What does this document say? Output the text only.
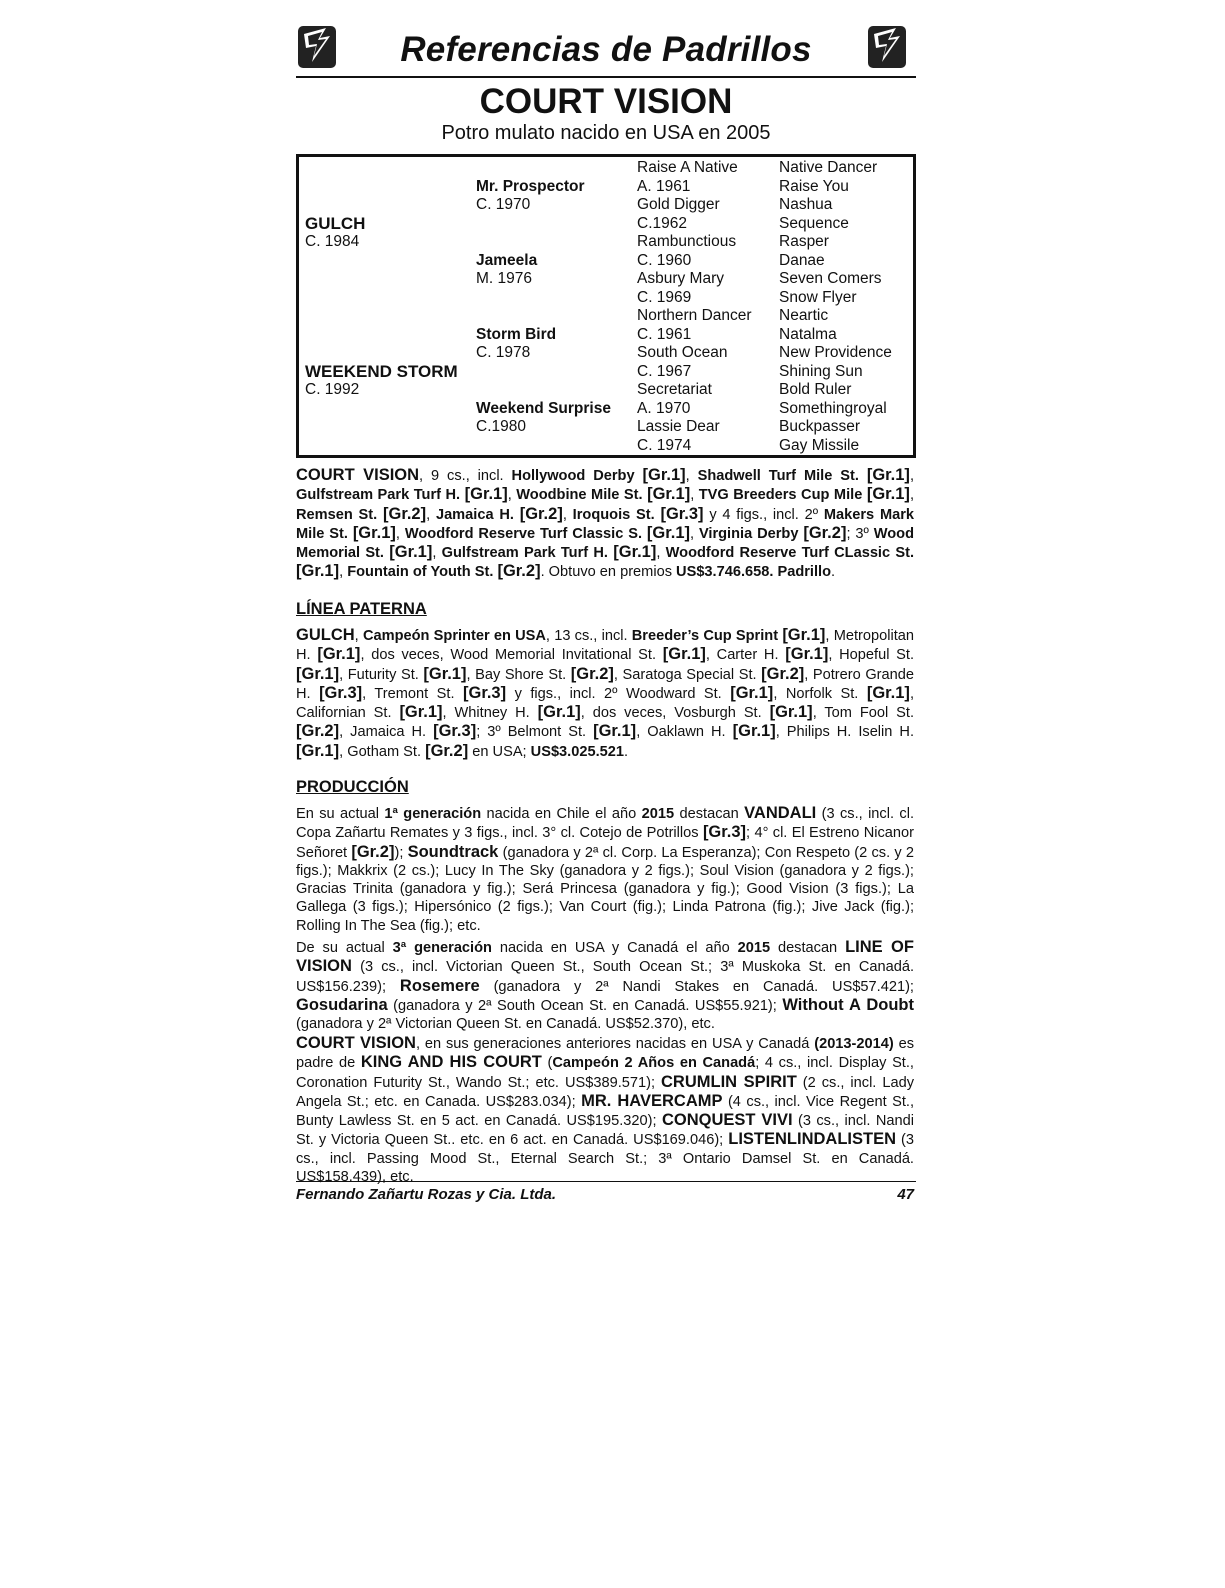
Referencias de Padrillos
COURT VISION
Potro mulato nacido en USA en 2005
GULCH
C. 1984
WEEKEND STORM
C. 1992
Mr. Prospector
C. 1970
Jameela
M. 1976
Storm Bird
C. 1978
Weekend Surprise
C.1980
Raise A Native
A. 1961
Gold Digger
C.1962
Rambunctious
C. 1960
Asbury Mary
C. 1969
Northern Dancer
C. 1961
South Ocean
C. 1967
Secretariat
A. 1970
Lassie Dear
C. 1974
Native Dancer
Raise You
Nashua
Sequence
Rasper
Danae
Seven Comers
Snow Flyer
Neartic
Natalma
New Providence
Shining Sun
Bold Ruler
Somethingroyal
Buckpasser
Gay Missile
COURT VISION, 9 cs., incl. Hollywood Derby [Gr.1], Shadwell Turf Mile St. [Gr.1], Gulfstream Park Turf H. [Gr.1], Woodbine Mile St. [Gr.1], TVG Breeders Cup Mile [Gr.1], Remsen St. [Gr.2], Jamaica H. [Gr.2], Iroquois St. [Gr.3] y 4 figs., incl. 2º Makers Mark Mile St. [Gr.1], Woodford Reserve Turf Classic S. [Gr.1], Virginia Derby [Gr.2]; 3º Wood Memorial St. [Gr.1], Gulfstream Park Turf H. [Gr.1], Woodford Reserve Turf CLassic St. [Gr.1], Fountain of Youth St. [Gr.2]. Obtuvo en premios US$3.746.658. Padrillo.
LÍNEA PATERNA
GULCH, Campeón Sprinter en USA, 13 cs., incl. Breeder’s Cup Sprint [Gr.1], Metropolitan H. [Gr.1], dos veces, Wood Memorial Invitational St. [Gr.1], Carter H. [Gr.1], Hopeful St. [Gr.1], Futurity St. [Gr.1], Bay Shore St. [Gr.2], Saratoga Special St. [Gr.2], Potrero Grande H. [Gr.3], Tremont St. [Gr.3] y figs., incl. 2º Woodward St. [Gr.1], Norfolk St. [Gr.1], Californian St. [Gr.1], Whitney H. [Gr.1], dos veces, Vosburgh St. [Gr.1], Tom Fool St. [Gr.2], Jamaica H. [Gr.3]; 3º Belmont St. [Gr.1], Oaklawn H. [Gr.1], Philips H. Iselin H. [Gr.1], Gotham St. [Gr.2] en USA; US$3.025.521.
PRODUCCIÓN
En su actual 1ª generación nacida en Chile el año 2015 destacan VANDALI (3 cs., incl. cl. Copa Zañartu Remates y 3 figs., incl. 3° cl. Cotejo de Potrillos [Gr.3]; 4° cl. El Estreno Nicanor Señoret [Gr.2]); Soundtrack (ganadora y 2ª cl. Corp. La Esperanza); Con Respeto (2 cs. y 2 figs.); Makkrix (2 cs.); Lucy In The Sky (ganadora y 2 figs.); Soul Vision (ganadora y 2 figs.); Gracias Trinita (ganadora y fig.); Será Princesa (ganadora y fig.); Good Vision (3 figs.); La Gallega (3 figs.); Hipersónico (2 figs.); Van Court (fig.); Linda Patrona (fig.); Jive Jack (fig.); Rolling In The Sea (fig.); etc.
De su actual 3ª generación nacida en USA y Canadá el año 2015 destacan LINE OF VISION (3 cs., incl. Victorian Queen St., South Ocean St.; 3ª Muskoka St. en Canadá. US$156.239); Rosemere (ganadora y 2ª Nandi Stakes en Canadá. US$57.421); Gosudarina (ganadora y 2ª South Ocean St. en Canadá. US$55.921); Without A Doubt (ganadora y 2ª Victorian Queen St. en Canadá. US$52.370), etc.
COURT VISION, en sus generaciones anteriores nacidas en USA y Canadá (2013-2014) es padre de KING AND HIS COURT (Campeón 2 Años en Canadá; 4 cs., incl. Display St., Coronation Futurity St., Wando St.; etc. US$389.571); CRUMLIN SPIRIT (2 cs., incl. Lady Angela St.; etc. en Canada. US$283.034); MR. HAVERCAMP (4 cs., incl. Vice Regent St., Bunty Lawless St. en 5 act. en Canadá. US$195.320); CONQUEST VIVI (3 cs., incl. Nandi St. y Victoria Queen St.. etc. en 6 act. en Canadá. US$169.046); LISTENLINDALISTEN (3 cs., incl. Passing Mood St., Eternal Search St.; 3ª Ontario Damsel St. en Canadá. US$158.439), etc.
Fernando Zañartu Rozas y Cia. Ltda.	47
